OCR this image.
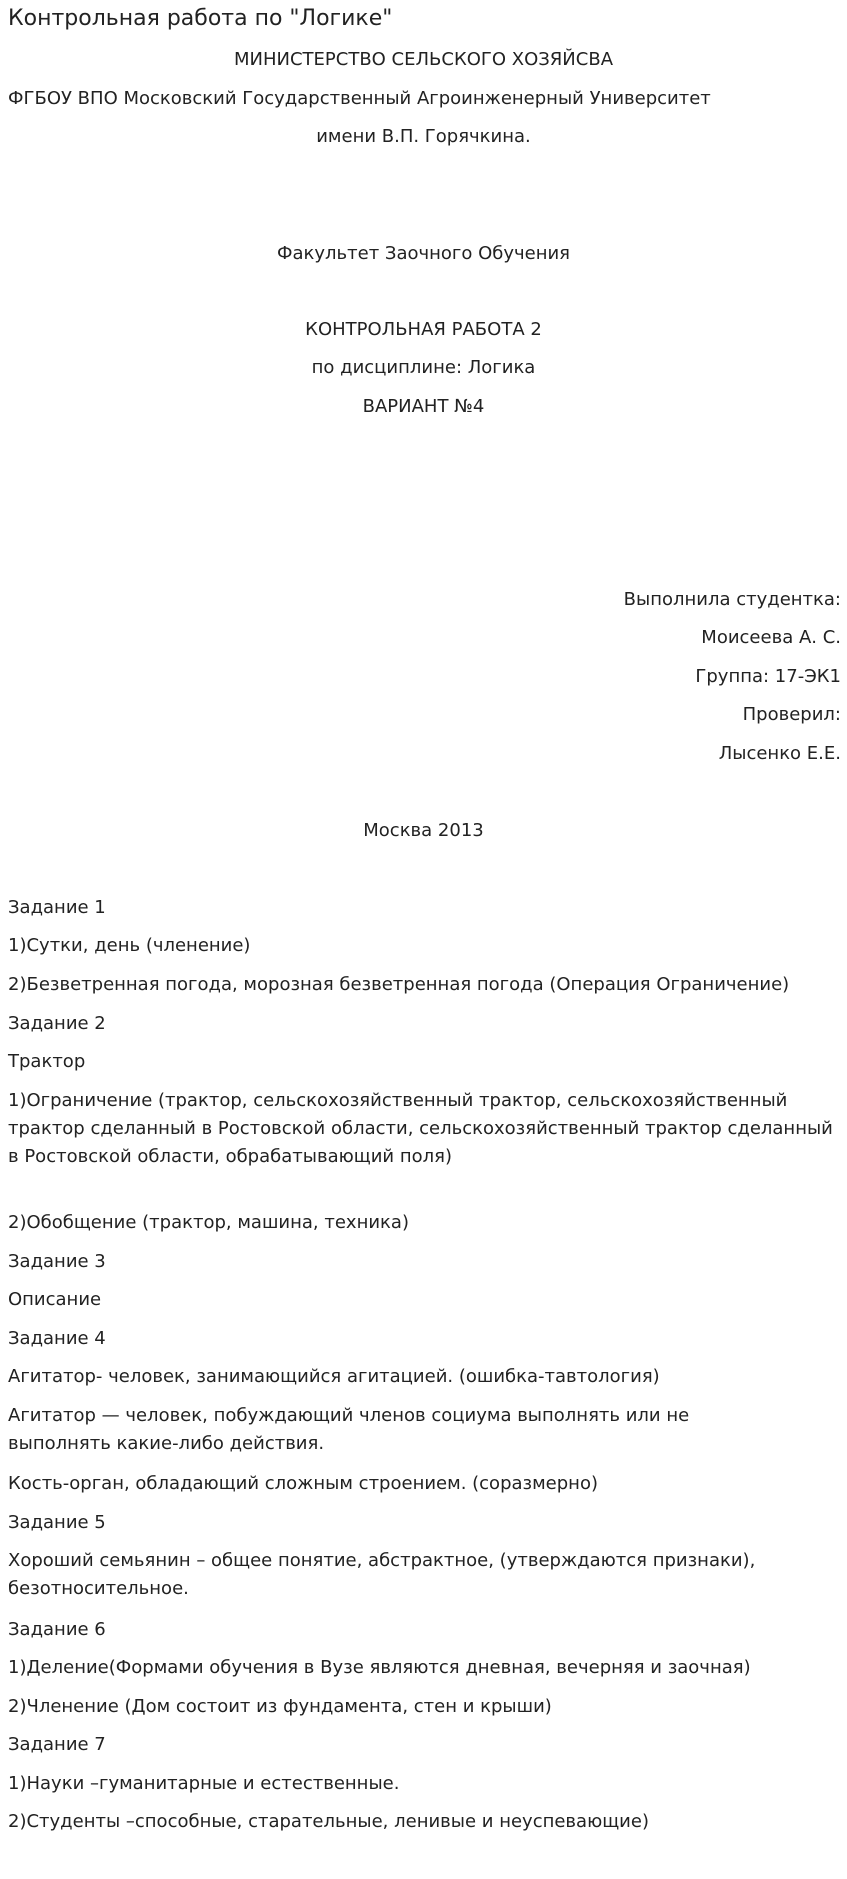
Контрольная работа по "Логике"

МИНИСТЕРСТВО СЕЛЬСКОГО ХОЗЯЙСВА

ФГБОУ ВПО Московский Государственный Агроинженерный Университет

имени В.П. Горячкина.

Факультет Заочного Обучения

КОНТРОЛЬНАЯ РАБОТА 2

по дисциплине: Логика

ВАРИАНТ №4

Выполнила студентка:

Моисеева А. С.

Группа: 17-ЭК1

Проверил:

Лысенко Е.Е.

Москва 2013

Задание 1

1)Сутки, день (членение)

2)Безветренная погода, морозная безветренная погода (Операция Ограничение)

Задание 2

Трактор

1)Ограничение (трактор, сельскохозяйственный трактор, сельскохозяйственный трактор сделанный в Ростовской области, сельскохозяйственный трактор сделанный в Ростовской области, обрабатывающий поля)

2)Обобщение (трактор, машина, техника)

Задание 3

Описание

Задание 4

Агитатор- человек, занимающийся агитацией. (ошибка-тавтология)

Агитатор — человек, побуждающий членов социума выполнять или не выполнять какие-либо действия.

Кость-орган, обладающий сложным строением. (соразмерно)

Задание 5

Хороший семьянин – общее понятие, абстрактное, (утверждаются признаки), безотносительное.

Задание 6

1)Деление(Формами обучения в Вузе являются дневная, вечерняя и заочная)

2)Членение (Дом состоит из фундамента, стен и крыши)

Задание 7

1)Науки –гуманитарные и естественные.

2)Студенты –способные, старательные, ленивые и неуспевающие)
